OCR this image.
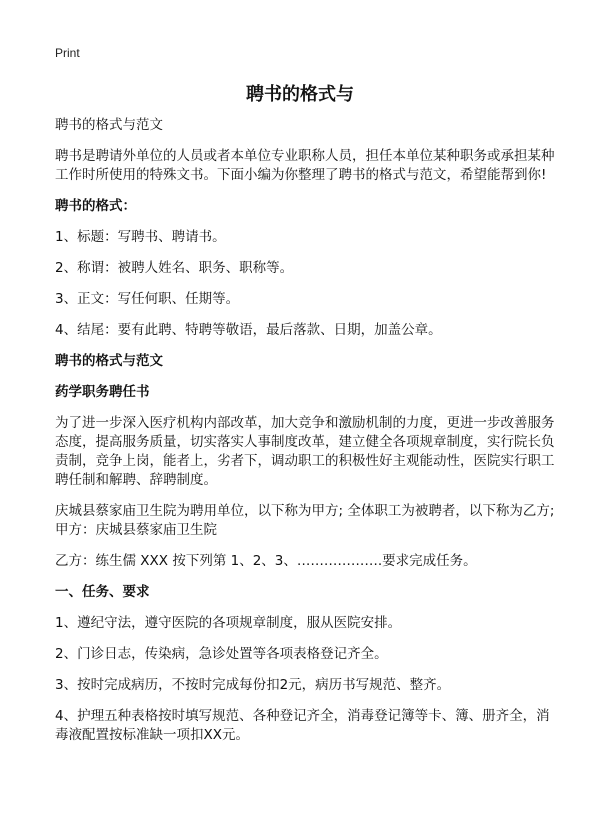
Print
聘书的格式与

聘书的格式与范文

聘书是聘请外单位的人员或者本单位专业职称人员，担任本单位某种职务或承担某种工作时所使用的特殊文书。下面小编为你整理了聘书的格式与范文，希望能帮到你!

聘书的格式：

1、标题：写聘书、聘请书。

2、称谓：被聘人姓名、职务、职称等。

3、正文：写任何职、任期等。

4、结尾：要有此聘、特聘等敬语，最后落款、日期，加盖公章。

聘书的格式与范文
药学职务聘任书

为了进一步深入医疗机构内部改革，加大竞争和激励机制的力度，更进一步改善服务态度，提高服务质量，切实落实人事制度改革，建立健全各项规章制度，实行院长负责制，竞争上岗，能者上，劣者下，调动职工的积极性好主观能动性，医院实行职工聘任制和解聘、辞聘制度。

庆城县蔡家庙卫生院为聘用单位，以下称为甲方; 全体职工为被聘者，以下称为乙方; 甲方：庆城县蔡家庙卫生院

乙方：练生儒 XXX 按下列第 1、2、3、……………….要求完成任务。

一、任务、要求

1、遵纪守法，遵守医院的各项规章制度，服从医院安排。

2、门诊日志，传染病，急诊处置等各项表格登记齐全。

3、按时完成病历，不按时完成每份扣2元，病历书写规范、整齐。

4、护理五种表格按时填写规范、各种登记齐全，消毒登记簿等卡、簿、册齐全，消毒液配置按标准缺一项扣XX元。
